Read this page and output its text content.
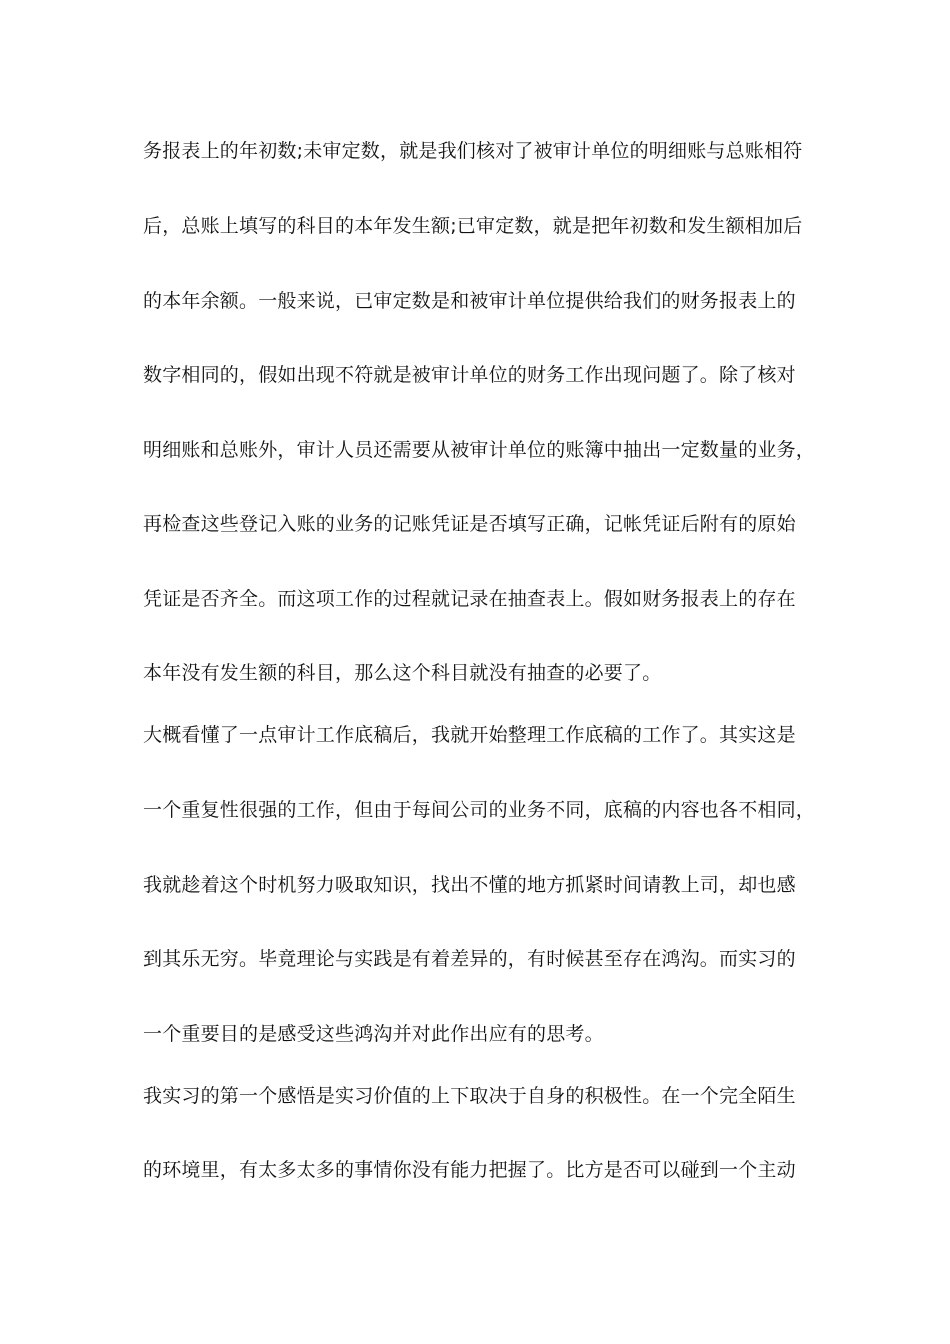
务报表上的年初数;未审定数，就是我们核对了被审计单位的明细账与总账相符
后，总账上填写的科目的本年发生额;已审定数，就是把年初数和发生额相加后
的本年余额。一般来说，已审定数是和被审计单位提供给我们的财务报表上的
数字相同的，假如出现不符就是被审计单位的财务工作出现问题了。除了核对
明细账和总账外，审计人员还需要从被审计单位的账簿中抽出一定数量的业务，
再检查这些登记入账的业务的记账凭证是否填写正确，记帐凭证后附有的原始
凭证是否齐全。而这项工作的过程就记录在抽查表上。假如财务报表上的存在
本年没有发生额的科目，那么这个科目就没有抽查的必要了。
大概看懂了一点审计工作底稿后，我就开始整理工作底稿的工作了。其实这是
一个重复性很强的工作，但由于每间公司的业务不同，底稿的内容也各不相同，
我就趁着这个时机努力吸取知识，找出不懂的地方抓紧时间请教上司，却也感
到其乐无穷。毕竟理论与实践是有着差异的，有时候甚至存在鸿沟。而实习的
一个重要目的是感受这些鸿沟并对此作出应有的思考。
我实习的第一个感悟是实习价值的上下取决于自身的积极性。在一个完全陌生
的环境里，有太多太多的事情你没有能力把握了。比方是否可以碰到一个主动
